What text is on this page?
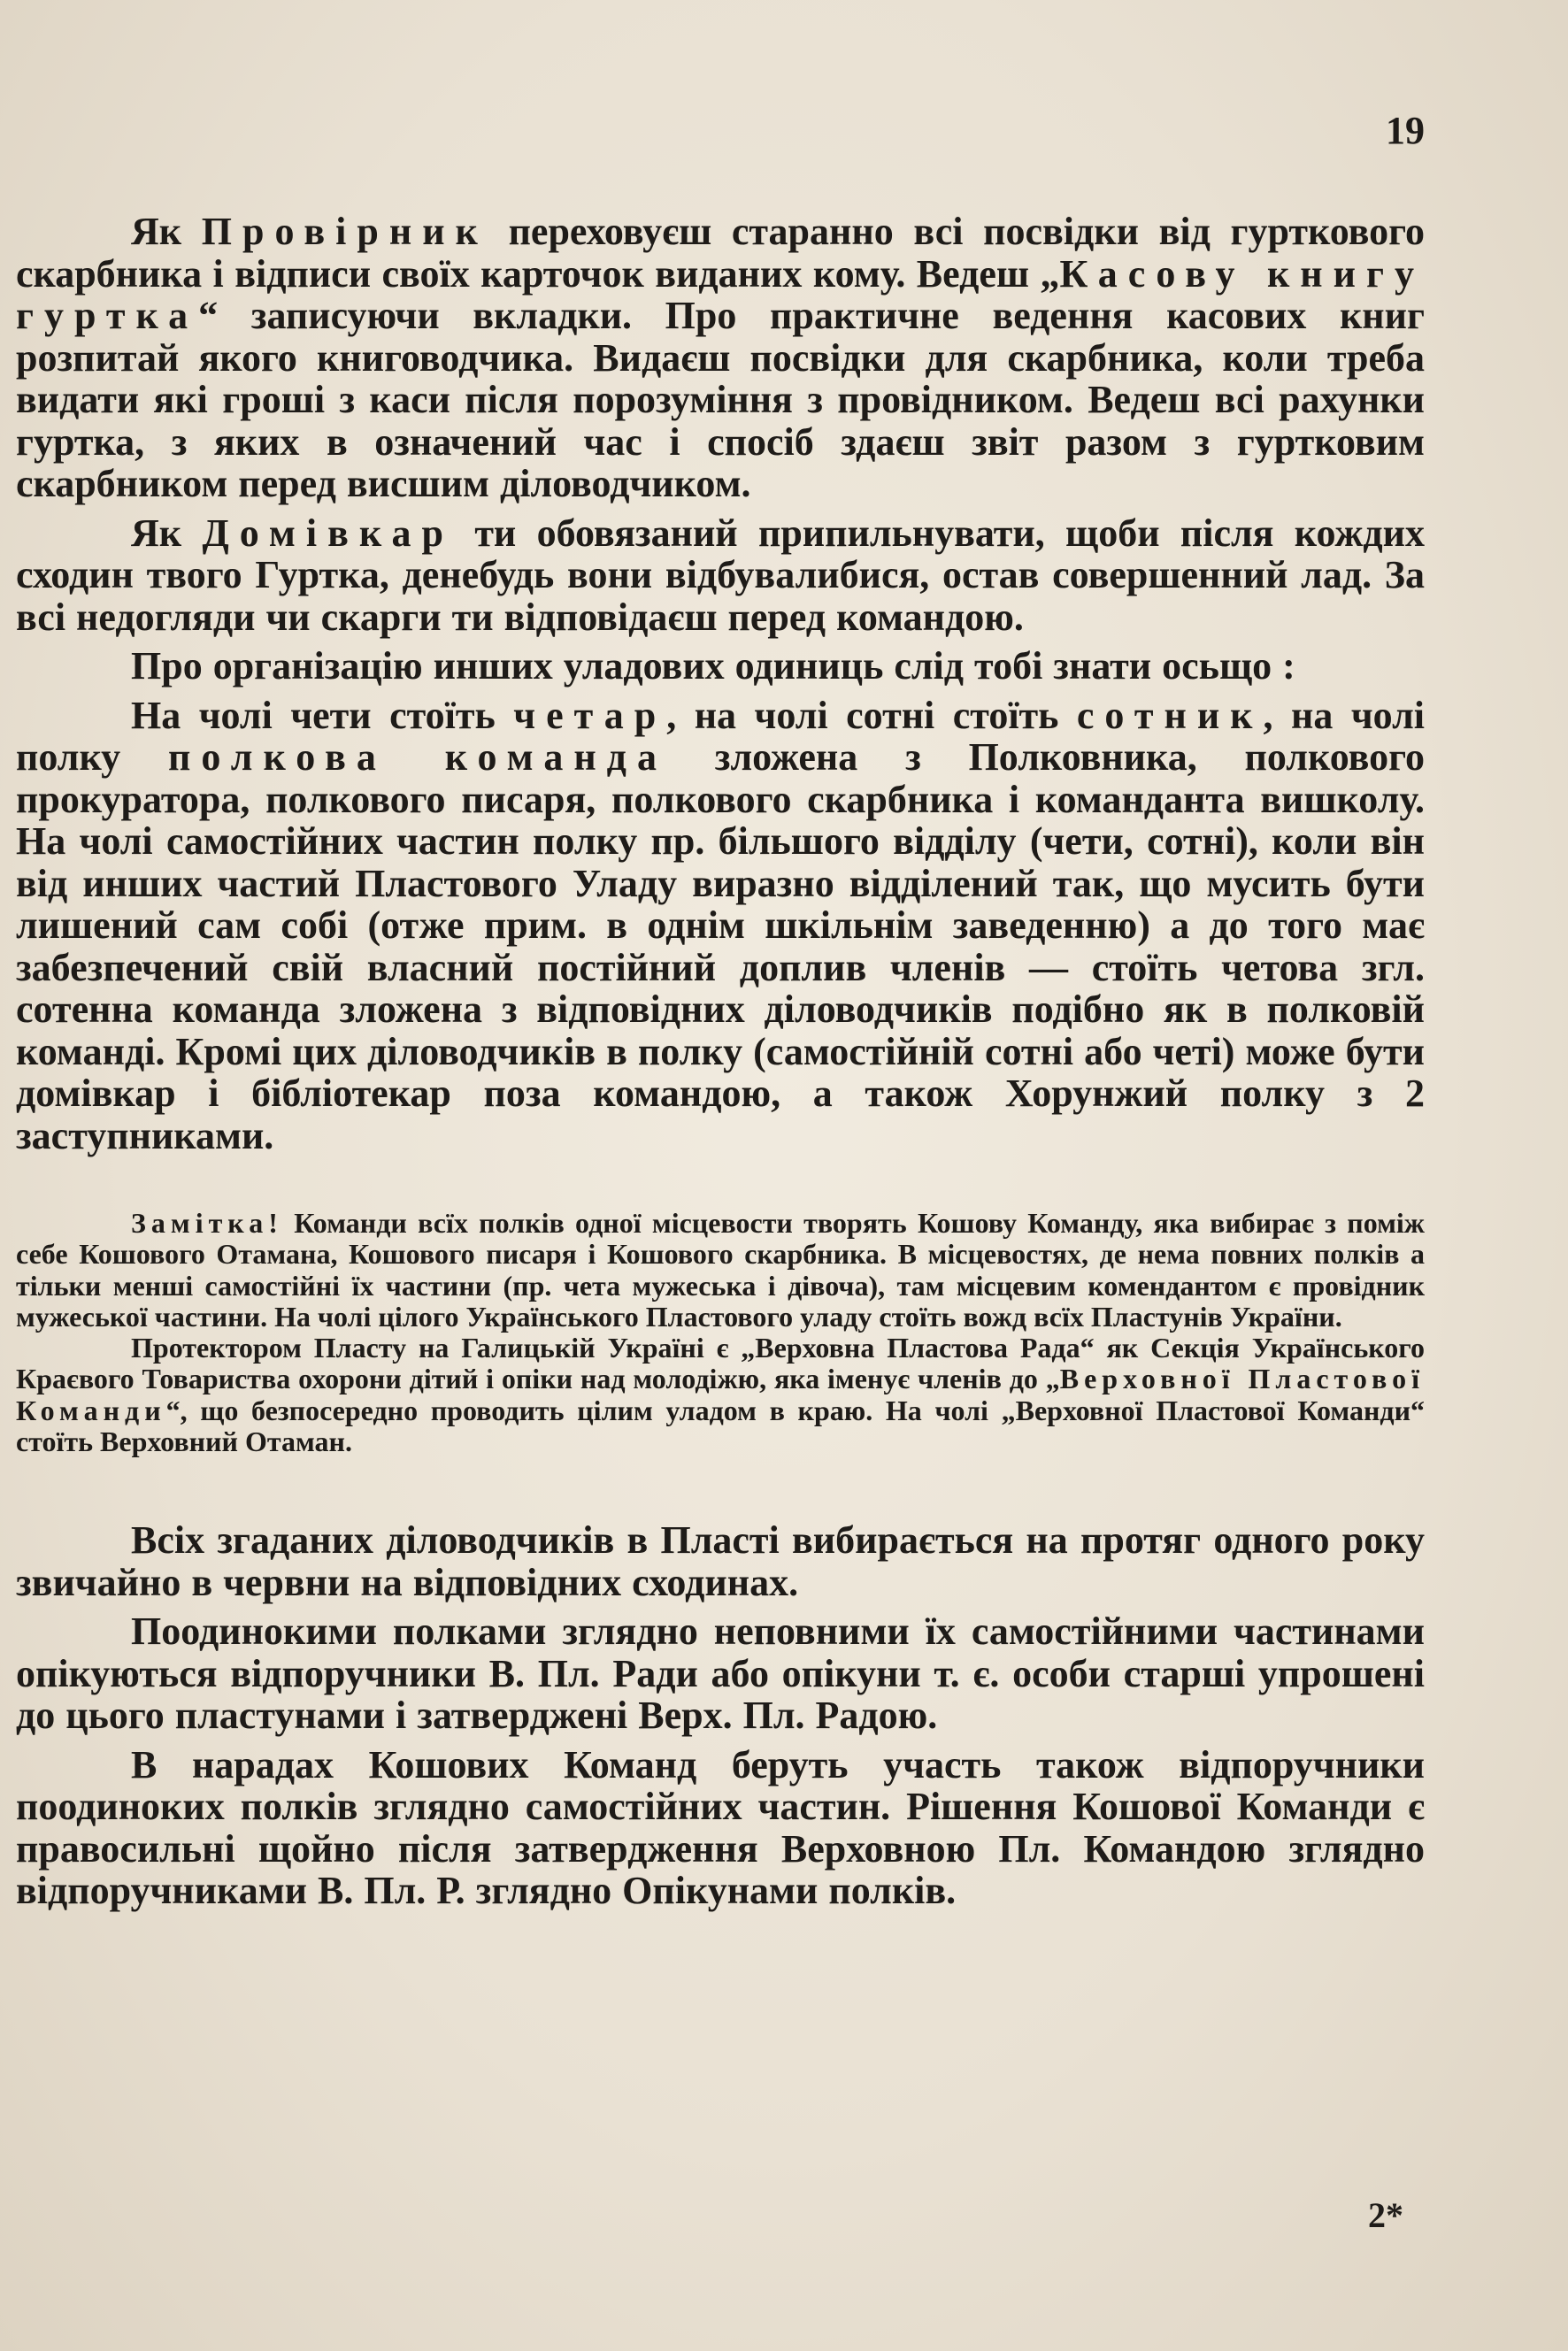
19

Як Провірник переховуєш старанно всі посвідки від гурткового скарбника і відписи своїх карточок виданих кому. Ведеш „Касову книгу гуртка“ записуючи вкладки. Про практичне ведення касових книг розпитай якого книговодчика. Видаєш посвідки для скарбника, коли треба видати які гроші з каси після порозуміння з провідником. Ведеш всі рахунки гуртка, з яких в означений час і спосіб здаєш звіт разом з гуртковим скарбником перед висшим діловодчиком.

Як Домівкар ти обовязаний припильнувати, щоби після кождих сходин твого Гуртка, денебудь вони відбувалибися, остав совершенний лад. За всі недогляди чи скарги ти відповідаєш перед командою.

Про організацію инших уладових одиниць слід тобі знати осьщо :

На чолі чети стоїть четар, на чолі сотні стоїть сотник, на чолі полку полкова команда зложена з Полковника, полкового прокуратора, полкового писаря, полкового скарбника і команданта вишколу. На чолі самостійних частин полку пр. більшого відділу (чети, сотні), коли він від инших частий Пластового Уладу виразно відділений так, що мусить бути лишений сам собі (отже прим. в однім шкільнім заведенню) а до того має забезпечений свій власний постійний доплив членів — стоїть четова згл. сотенна команда зложена з відповідних діловодчиків подібно як в полковій команді. Кромі цих діловодчиків в полку (самостійній сотні або четі) може бути домівкар і бібліотекар поза командою, а також Хорунжий полку з 2 заступниками.

Замітка! Команди всїх полків одної місцевости творять Кошову Команду, яка вибирає з поміж себе Кошового Отамана, Кошового писаря і Кошового скарбника. В місцевостях, де нема повних полків а тільки менші самостійні їх частини (пр. чета мужеська і дівоча), там місцевим комeндантом є провідник мужеської частини. На чолі цілого Українського Пластового уладу стоїть вожд всїх Пластунів України.

Протектором Пласту на Галицькій Україні є „Верховна Пластова Рада“ як Секція Українського Краєвого Товариства охорони дітий і опіки над молодіжю, яка іменує членів до „Верховної Пластової Команди“, що безпосередно проводить цілим уладом в краю. На чолі „Верховної Пластової Команди“ стоїть Верховний Отаман.

Всіх згаданих діловодчиків в Пласті вибирається на протяг одного року звичайно в червни на відповідних сходинах.

Поодинокими полками зглядно неповними їх самостійними частинами опікуються відпоручники В. Пл. Ради або опікуни т. є. особи старші упрошені до цього пластунами і затверджені Верх. Пл. Радою.

В нарадах Кошових Команд беруть участь також відпоручники поодиноких полків зглядно самостійних частин. Рішення Кошової Команди є правосильні щойно після затвердження Верховною Пл. Командою зглядно відпоручниками В. Пл. Р. зглядно Опікунами полків.

2*
